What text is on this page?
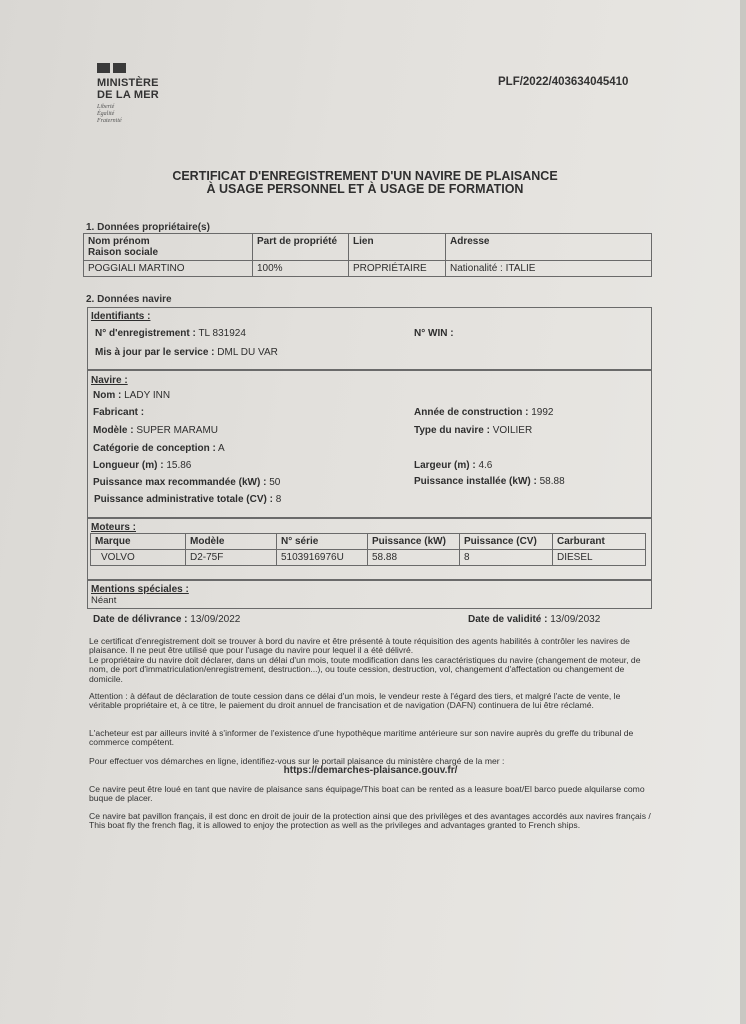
MINISTÈRE
DE LA MER
Liberté
Égalité
Fraternité
PLF/2022/403634045410
CERTIFICAT D'ENREGISTREMENT D'UN NAVIRE DE PLAISANCE
À USAGE PERSONNEL ET À USAGE DE FORMATION
1. Données propriétaire(s)
Nom prénom
Raison sociale	Part de propriété	Lien	Adresse
POGGIALI MARTINO	100%	PROPRIÉTAIRE	Nationalité : ITALIE
2. Données navire
Identifiants :
N° d'enregistrement : TL 831924	N° WIN :
Mis à jour par le service : DML DU VAR
Navire :
Nom : LADY INN
Fabricant :	Année de construction : 1992
Modèle : SUPER MARAMU	Type du navire : VOILIER
Catégorie de conception : A
Longueur (m) : 15.86	Largeur (m) : 4.6
Puissance max recommandée (kW) : 50	Puissance installée (kW) : 58.88
Puissance administrative totale (CV) : 8
Moteurs :
Marque	Modèle	N° série	Puissance (kW)	Puissance (CV)	Carburant
VOLVO	D2-75F	5103916976U	58.88	8	DIESEL
Mentions spéciales :
Néant
Date de délivrance : 13/09/2022	Date de validité : 13/09/2032
Le certificat d'enregistrement doit se trouver à bord du navire et être présenté à toute réquisition des agents habilités à contrôler les navires de plaisance. Il ne peut être utilisé que pour l'usage du navire pour lequel il a été délivré.
Le propriétaire du navire doit déclarer, dans un délai d'un mois, toute modification dans les caractéristiques du navire (changement de moteur, de nom, de port d'immatriculation/enregistrement, destruction...), ou toute cession, destruction, vol, changement d'affectation ou changement de domicile.
Attention : à défaut de déclaration de toute cession dans ce délai d'un mois, le vendeur reste à l'égard des tiers, et malgré l'acte de vente, le véritable propriétaire et, à ce titre, le paiement du droit annuel de francisation et de navigation (DAFN) continuera de lui être réclamé.
L'acheteur est par ailleurs invité à s'informer de l'existence d'une hypothèque maritime antérieure sur son navire auprès du greffe du tribunal de commerce compétent.
Pour effectuer vos démarches en ligne, identifiez-vous sur le portail plaisance du ministère chargé de la mer :
https://demarches-plaisance.gouv.fr/
Ce navire peut être loué en tant que navire de plaisance sans équipage/This boat can be rented as a leasure boat/El barco puede alquilarse como buque de placer.
Ce navire bat pavillon français, il est donc en droit de jouir de la protection ainsi que des privilèges et des avantages accordés aux navires français / This boat fly the french flag, it is allowed to enjoy the protection as well as the privileges and advantages granted to French ships.
